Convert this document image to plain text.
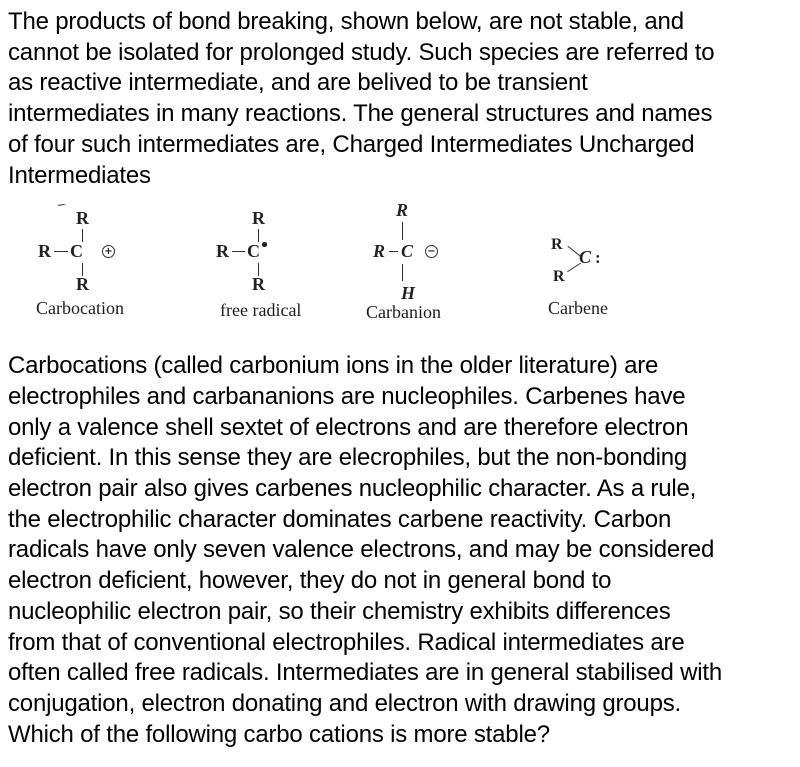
The products of bond breaking, shown below, are not stable, and
cannot be isolated for prolonged study. Such species are referred to
as reactive intermediate, and are belived to be transient
intermediates in many reactions. The general structures and names
of four such intermediates are, Charged Intermediates Uncharged
Intermediates
–
R
R C +
R
Carbocation
R
R C
R
free radical
R
R C −
H
Carbanion
R
C :
R
Carbene
Carbocations (called carbonium ions in the older literature) are
electrophiles and carbananions are nucleophiles. Carbenes have
only a valence shell sextet of electrons and are therefore electron
deficient. In this sense they are elecrophiles, but the non-bonding
electron pair also gives carbenes nucleophilic character. As a rule,
the electrophilic character dominates carbene reactivity. Carbon
radicals have only seven valence electrons, and may be considered
electron deficient, however, they do not in general bond to
nucleophilic electron pair, so their chemistry exhibits differences
from that of conventional electrophiles. Radical intermediates are
often called free radicals. Intermediates are in general stabilised with
conjugation, electron donating and electron with drawing groups.
Which of the following carbo cations is more stable?
